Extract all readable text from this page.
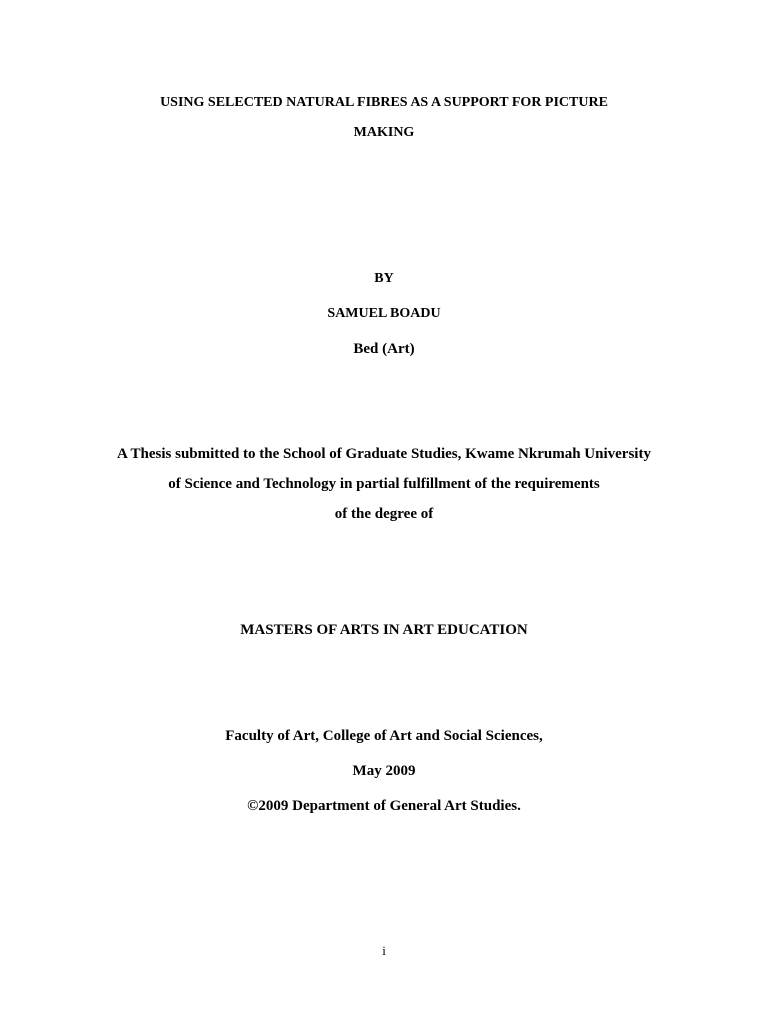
USING SELECTED NATURAL FIBRES AS A SUPPORT FOR PICTURE
MAKING
BY
SAMUEL BOADU
Bed (Art)
A Thesis submitted to the School of Graduate Studies, Kwame Nkrumah University
of Science and Technology in partial fulfillment of the requirements
of the degree of
MASTERS OF ARTS IN ART EDUCATION
Faculty of Art, College of Art and Social Sciences,
May 2009
©2009 Department of General Art Studies.
i
